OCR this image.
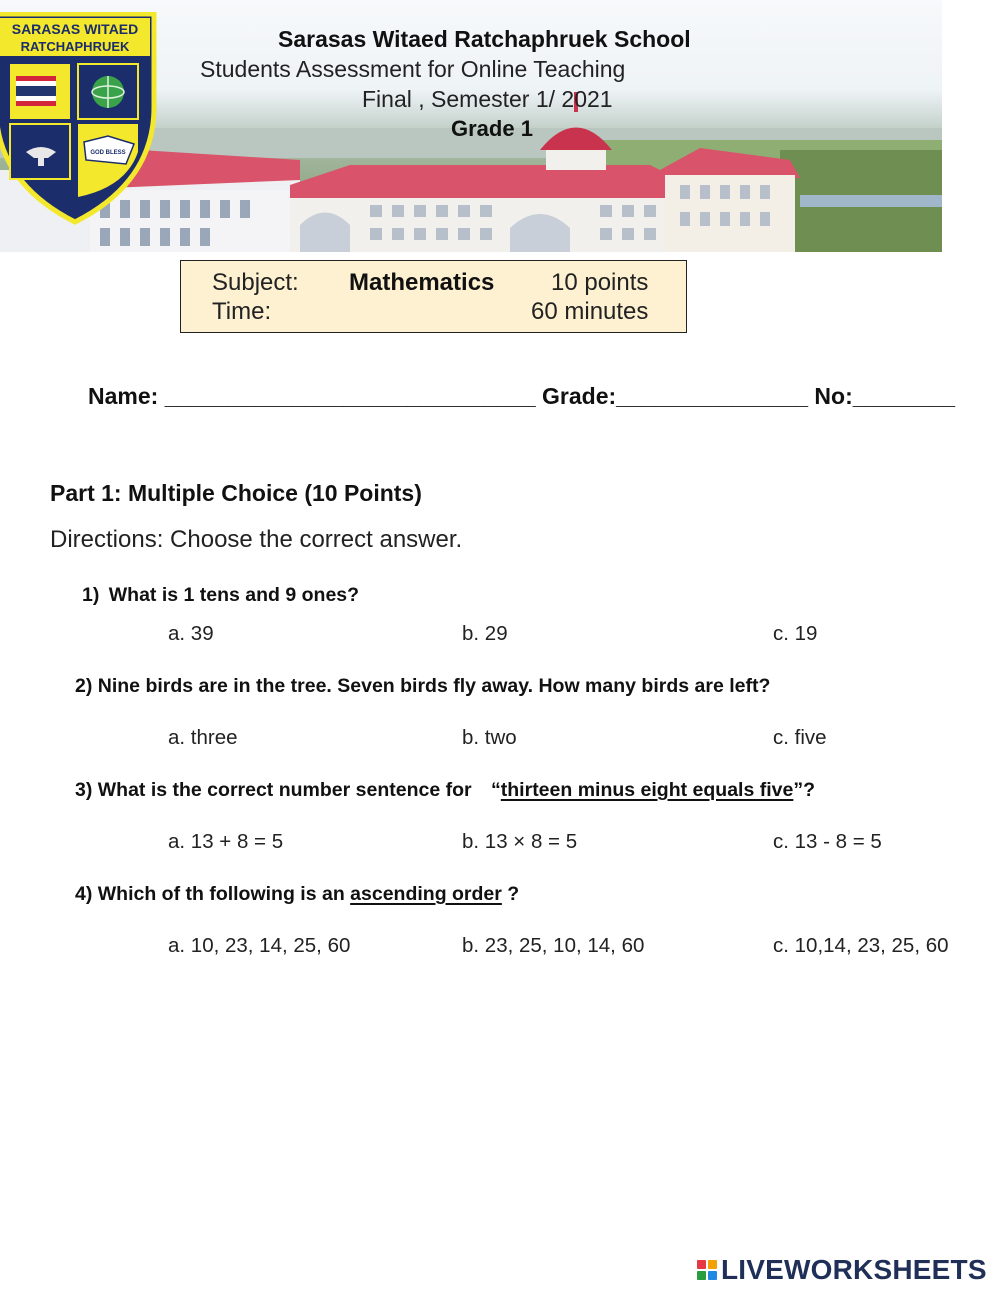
SARASAS WITAED
RATCHAPHRUEK
GOD BLESS
Sarasas Witaed Ratchaphruek School
Students Assessment for Online Teaching
Final , Semester 1/ 2021
Grade 1
Subject: Mathematics 10 points
Time:	60 minutes
Name: _____________________________ Grade:_______________ No:________
Part 1: Multiple Choice (10 Points)
Directions: Choose the correct answer.
1) What is 1 tens and 9 ones?
a. 39	b. 29	c. 19
2) Nine birds are in the tree. Seven birds fly away. How many birds are left?
a. three	b. two	c. five
3) What is the correct number sentence for “thirteen minus eight equals five”?
a. 13 + 8 = 5	b. 13 × 8 = 5	c. 13 - 8 = 5
4) Which of th following is an ascending order ?
a. 10, 23, 14, 25, 60	b. 23, 25, 10, 14, 60	c. 10,14, 23, 25, 60
LIVEWORKSHEETS
